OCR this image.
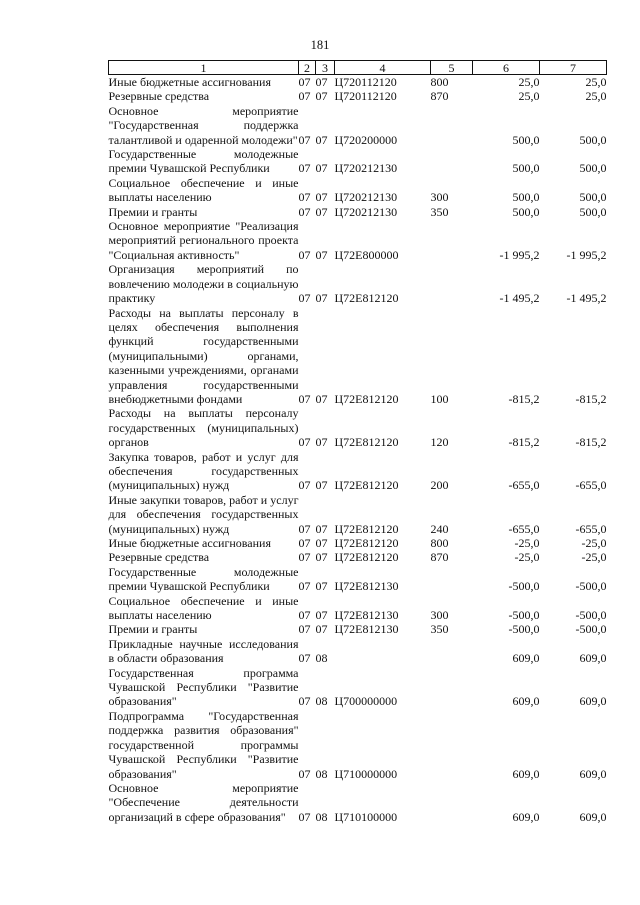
181
1	2	3	4	5	6	7
Иные бюджетные ассигнования	07	07	Ц720112120	800	25,0	25,0
Резервные средства	07	07	Ц720112120	870	25,0	25,0
Основное мероприятие "Государственная поддержка талантливой и одаренной молодежи"	07	07	Ц720200000		500,0	500,0
Государственные молодежные премии Чувашской Республики	07	07	Ц720212130		500,0	500,0
Социальное обеспечение и иные выплаты населению	07	07	Ц720212130	300	500,0	500,0
Премии и гранты	07	07	Ц720212130	350	500,0	500,0
Основное мероприятие "Реализация мероприятий регионального проекта "Социальная активность"	07	07	Ц72E800000		-1 995,2	-1 995,2
Организация мероприятий по вовлечению молодежи в социальную практику	07	07	Ц72E812120		-1 495,2	-1 495,2
Расходы на выплаты персоналу в целях обеспечения выполнения функций государственными (муниципальными) органами, казенными учреждениями, органами управления государственными внебюджетными фондами	07	07	Ц72E812120	100	-815,2	-815,2
Расходы на выплаты персоналу государственных (муниципальных) органов	07	07	Ц72E812120	120	-815,2	-815,2
Закупка товаров, работ и услуг для обеспечения государственных (муниципальных) нужд	07	07	Ц72E812120	200	-655,0	-655,0
Иные закупки товаров, работ и услуг для обеспечения государственных (муниципальных) нужд	07	07	Ц72E812120	240	-655,0	-655,0
Иные бюджетные ассигнования	07	07	Ц72E812120	800	-25,0	-25,0
Резервные средства	07	07	Ц72E812120	870	-25,0	-25,0
Государственные молодежные премии Чувашской Республики	07	07	Ц72E812130		-500,0	-500,0
Социальное обеспечение и иные выплаты населению	07	07	Ц72E812130	300	-500,0	-500,0
Премии и гранты	07	07	Ц72E812130	350	-500,0	-500,0
Прикладные научные исследования в области образования	07	08			609,0	609,0
Государственная программа Чувашской Республики "Развитие образования"	07	08	Ц700000000		609,0	609,0
Подпрограмма "Государственная поддержка развития образования" государственной программы Чувашской Республики "Развитие образования"	07	08	Ц710000000		609,0	609,0
Основное мероприятие "Обеспечение деятельности организаций в сфере образования"	07	08	Ц710100000		609,0	609,0
